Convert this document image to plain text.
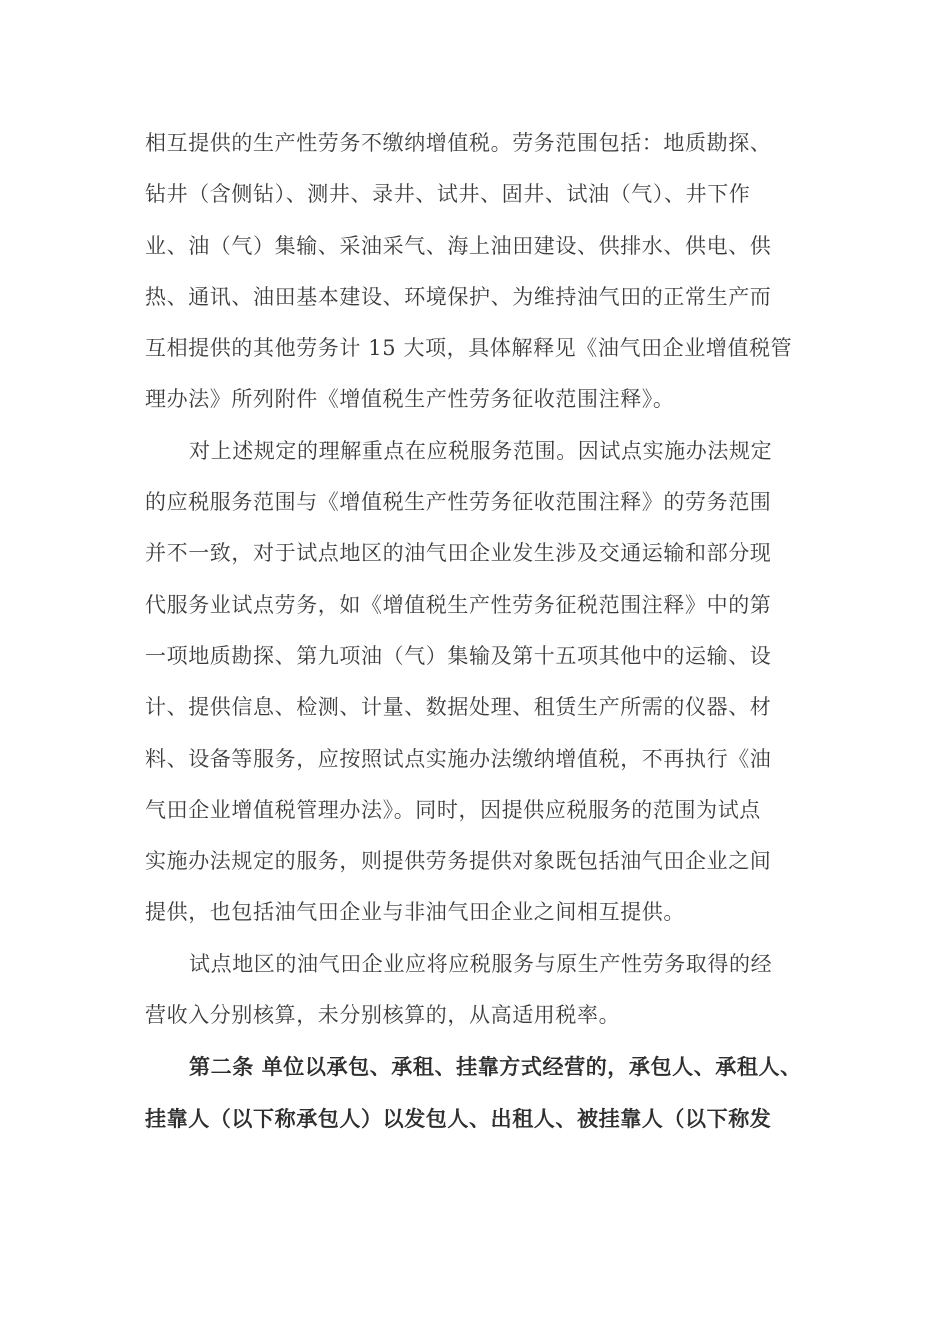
相互提供的生产性劳务不缴纳增值税。劳务范围包括：地质勘探、
钻井（含侧钻）、测井、录井、试井、固井、试油（气）、井下作
业、油（气）集输、采油采气、海上油田建设、供排水、供电、供
热、通讯、油田基本建设、环境保护、为维持油气田的正常生产而
互相提供的其他劳务计 15 大项，具体解释见《油气田企业增值税管
理办法》所列附件《增值税生产性劳务征收范围注释》。
对上述规定的理解重点在应税服务范围。因试点实施办法规定
的应税服务范围与《增值税生产性劳务征收范围注释》的劳务范围
并不一致，对于试点地区的油气田企业发生涉及交通运输和部分现
代服务业试点劳务，如《增值税生产性劳务征税范围注释》中的第
一项地质勘探、第九项油（气）集输及第十五项其他中的运输、设
计、提供信息、检测、计量、数据处理、租赁生产所需的仪器、材
料、设备等服务，应按照试点实施办法缴纳增值税，不再执行《油
气田企业增值税管理办法》。同时，因提供应税服务的范围为试点
实施办法规定的服务，则提供劳务提供对象既包括油气田企业之间
提供，也包括油气田企业与非油气田企业之间相互提供。
试点地区的油气田企业应将应税服务与原生产性劳务取得的经
营收入分别核算，未分别核算的，从高适用税率。
第二条 单位以承包、承租、挂靠方式经营的，承包人、承租人、
挂靠人（以下称承包人）以发包人、出租人、被挂靠人（以下称发
